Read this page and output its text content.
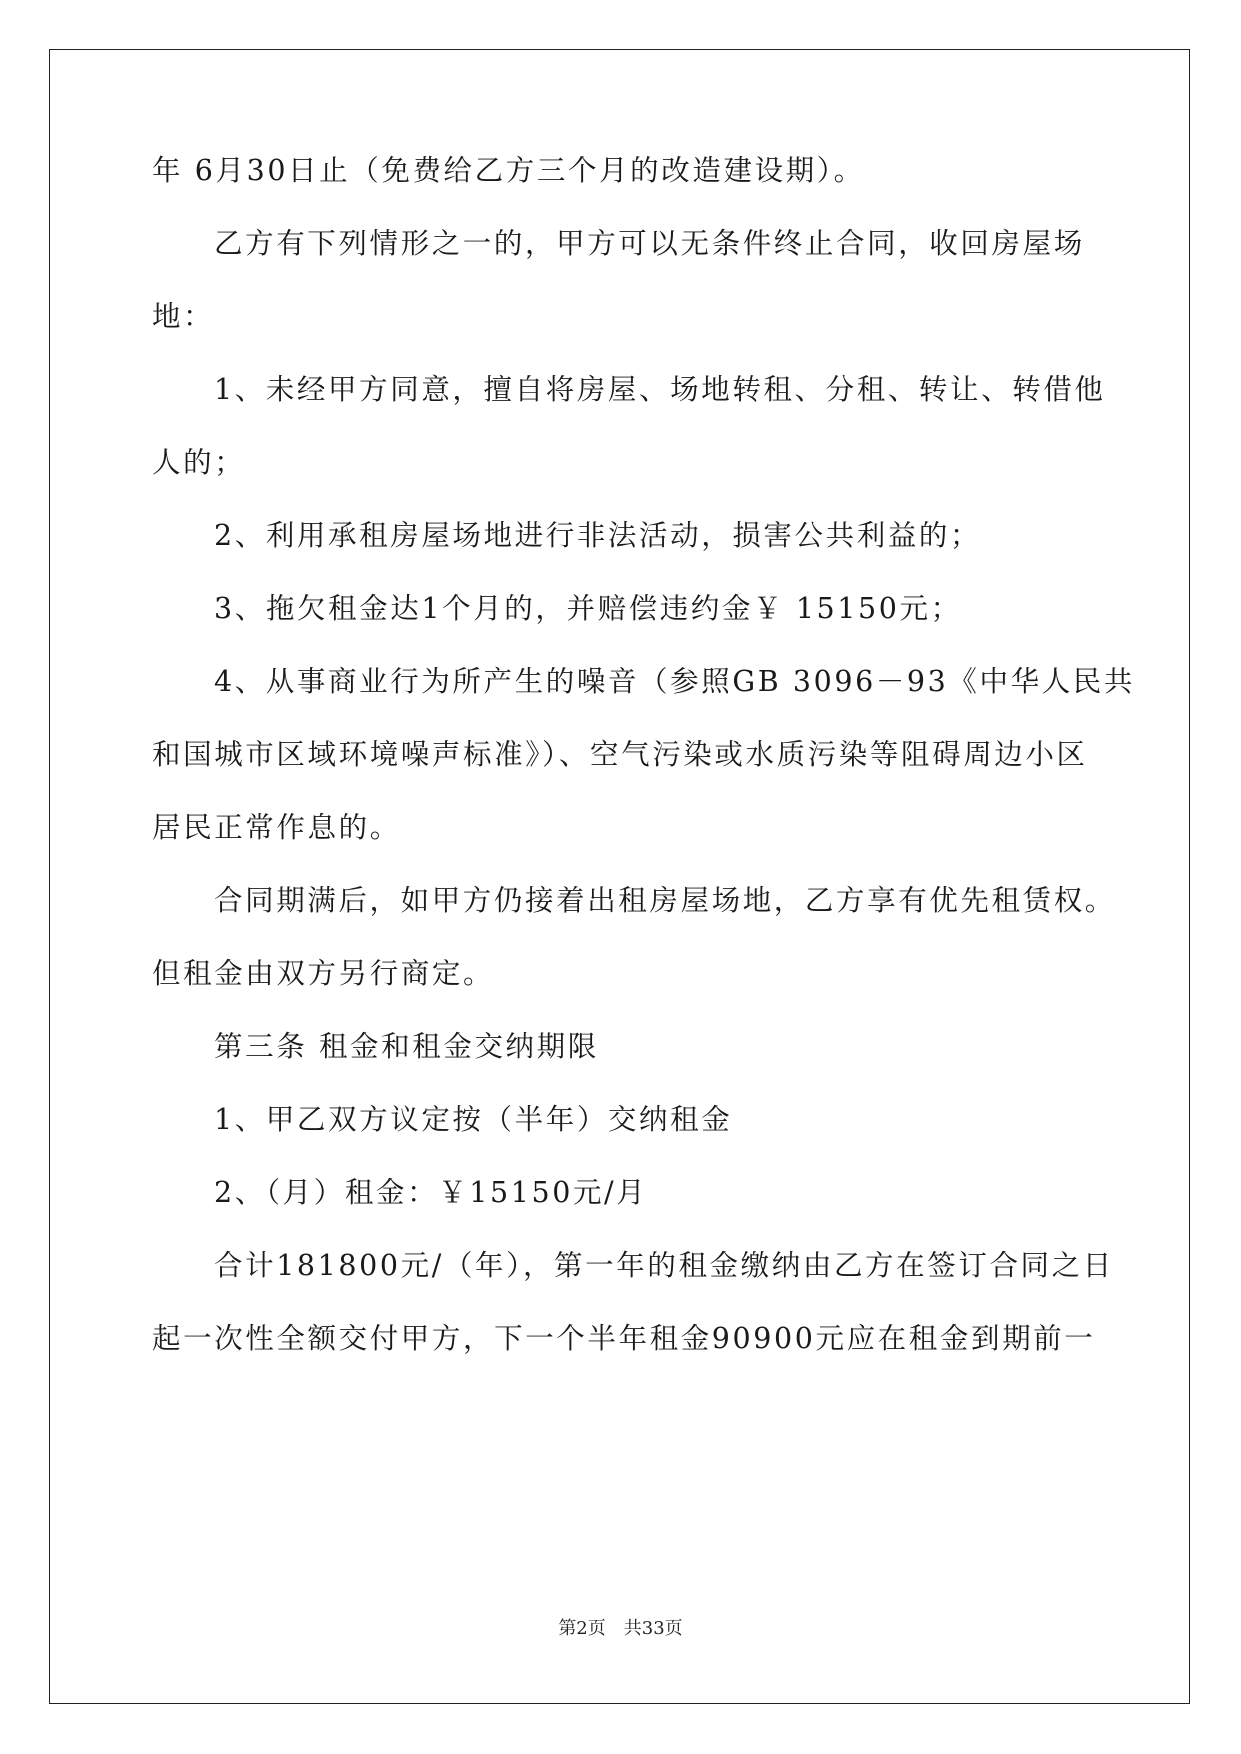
年 6月30日止（免费给乙方三个月的改造建设期）。
乙方有下列情形之一的，甲方可以无条件终止合同，收回房屋场
地：
1、未经甲方同意，擅自将房屋、场地转租、分租、转让、转借他
人的；
2、利用承租房屋场地进行非法活动，损害公共利益的；
3、拖欠租金达1个月的，并赔偿违约金￥ 15150元；
4、从事商业行为所产生的噪音（参照GB 3096－93《中华人民共
和国城市区域环境噪声标准》）、空气污染或水质污染等阻碍周边小区
居民正常作息的。
合同期满后，如甲方仍接着出租房屋场地，乙方享有优先租赁权。
但租金由双方另行商定。
第三条 租金和租金交纳期限
1、甲乙双方议定按（半年）交纳租金
2、（月）租金：￥15150元/月
合计181800元/（年），第一年的租金缴纳由乙方在签订合同之日
起一次性全额交付甲方，下一个半年租金90900元应在租金到期前一
第2页 共33页
